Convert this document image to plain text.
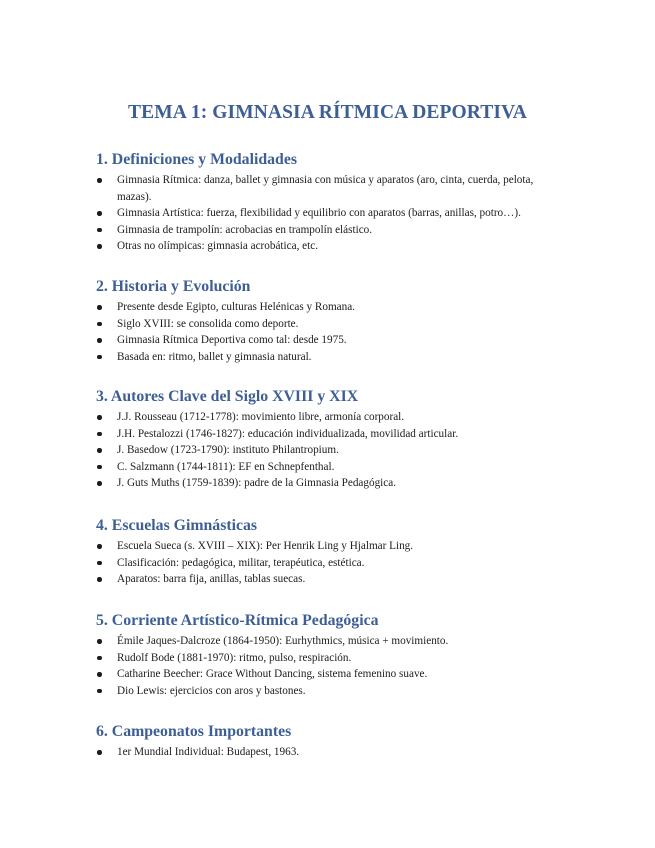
TEMA 1: GIMNASIA RÍTMICA DEPORTIVA
1. Definiciones y Modalidades
Gimnasia Rítmica: danza, ballet y gimnasia con música y aparatos (aro, cinta, cuerda, pelota, mazas).
Gimnasia Artística: fuerza, flexibilidad y equilibrio con aparatos (barras, anillas, potro…).
Gimnasia de trampolín: acrobacias en trampolín elástico.
Otras no olímpicas: gimnasia acrobática, etc.
2. Historia y Evolución
Presente desde Egipto, culturas Helénicas y Romana.
Siglo XVIII: se consolida como deporte.
Gimnasia Rítmica Deportiva como tal: desde 1975.
Basada en: ritmo, ballet y gimnasia natural.
3. Autores Clave del Siglo XVIII y XIX
J.J. Rousseau (1712-1778): movimiento libre, armonía corporal.
J.H. Pestalozzi (1746-1827): educación individualizada, movilidad articular.
J. Basedow (1723-1790): instituto Philantropium.
C. Salzmann (1744-1811): EF en Schnepfenthal.
J. Guts Muths (1759-1839): padre de la Gimnasia Pedagógica.
4. Escuelas Gimnásticas
Escuela Sueca (s. XVIII – XIX): Per Henrik Ling y Hjalmar Ling.
Clasificación: pedagógica, militar, terapéutica, estética.
Aparatos: barra fija, anillas, tablas suecas.
5. Corriente Artístico-Rítmica Pedagógica
Émile Jaques-Dalcroze (1864-1950): Eurhythmics, música + movimiento.
Rudolf Bode (1881-1970): ritmo, pulso, respiración.
Catharine Beecher: Grace Without Dancing, sistema femenino suave.
Dio Lewis: ejercicios con aros y bastones.
6. Campeonatos Importantes
1er Mundial Individual: Budapest, 1963.
